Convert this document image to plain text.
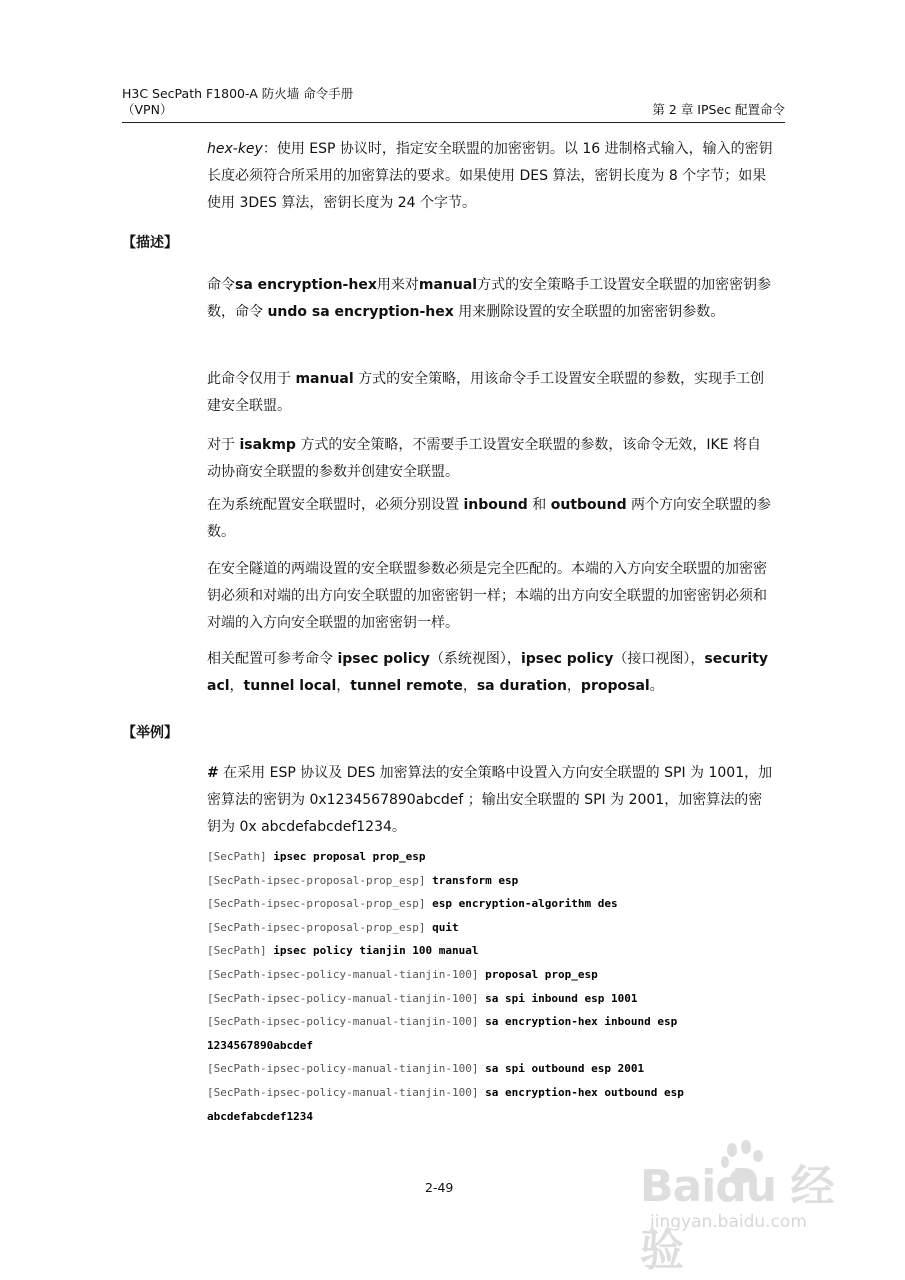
H3C SecPath F1800-A 防火墙 命令手册
（VPN）	第 2 章 IPSec 配置命令
hex-key：使用 ESP 协议时，指定安全联盟的加密密钥。以 16 进制格式输入，输入的密钥长度必须符合所采用的加密算法的要求。如果使用 DES 算法，密钥长度为 8 个字节；如果使用 3DES 算法，密钥长度为 24 个字节。
【描述】

命令sa encryption-hex用来对manual方式的安全策略手工设置安全联盟的加密密钥参数，命令 undo sa encryption-hex 用来删除设置的安全联盟的加密密钥参数。

此命令仅用于 manual 方式的安全策略，用该命令手工设置安全联盟的参数，实现手工创建安全联盟。

对于 isakmp 方式的安全策略，不需要手工设置安全联盟的参数，该命令无效，IKE 将自动协商安全联盟的参数并创建安全联盟。

在为系统配置安全联盟时，必须分别设置 inbound 和 outbound 两个方向安全联盟的参数。

在安全隧道的两端设置的安全联盟参数必须是完全匹配的。本端的入方向安全联盟的加密密钥必须和对端的出方向安全联盟的加密密钥一样；本端的出方向安全联盟的加密密钥必须和对端的入方向安全联盟的加密密钥一样。

相关配置可参考命令 ipsec policy（系统视图），ipsec policy（接口视图），security acl，tunnel local，tunnel remote，sa duration，proposal。

【举例】

# 在采用 ESP 协议及 DES 加密算法的安全策略中设置入方向安全联盟的 SPI 为 1001，加密算法的密钥为 0x1234567890abcdef ；输出安全联盟的 SPI 为 2001，加密算法的密钥为 0x abcdefabcdef1234。

[SecPath] ipsec proposal prop_esp
[SecPath-ipsec-proposal-prop_esp] transform esp
[SecPath-ipsec-proposal-prop_esp] esp encryption-algorithm des
[SecPath-ipsec-proposal-prop_esp] quit
[SecPath] ipsec policy tianjin 100 manual
[SecPath-ipsec-policy-manual-tianjin-100] proposal prop_esp
[SecPath-ipsec-policy-manual-tianjin-100] sa spi inbound esp 1001
[SecPath-ipsec-policy-manual-tianjin-100] sa encryption-hex inbound esp
1234567890abcdef
[SecPath-ipsec-policy-manual-tianjin-100] sa spi outbound esp 2001
[SecPath-ipsec-policy-manual-tianjin-100] sa encryption-hex outbound esp
abcdefabcdef1234
2-49	Baidu 经验
jingyan.baidu.com
